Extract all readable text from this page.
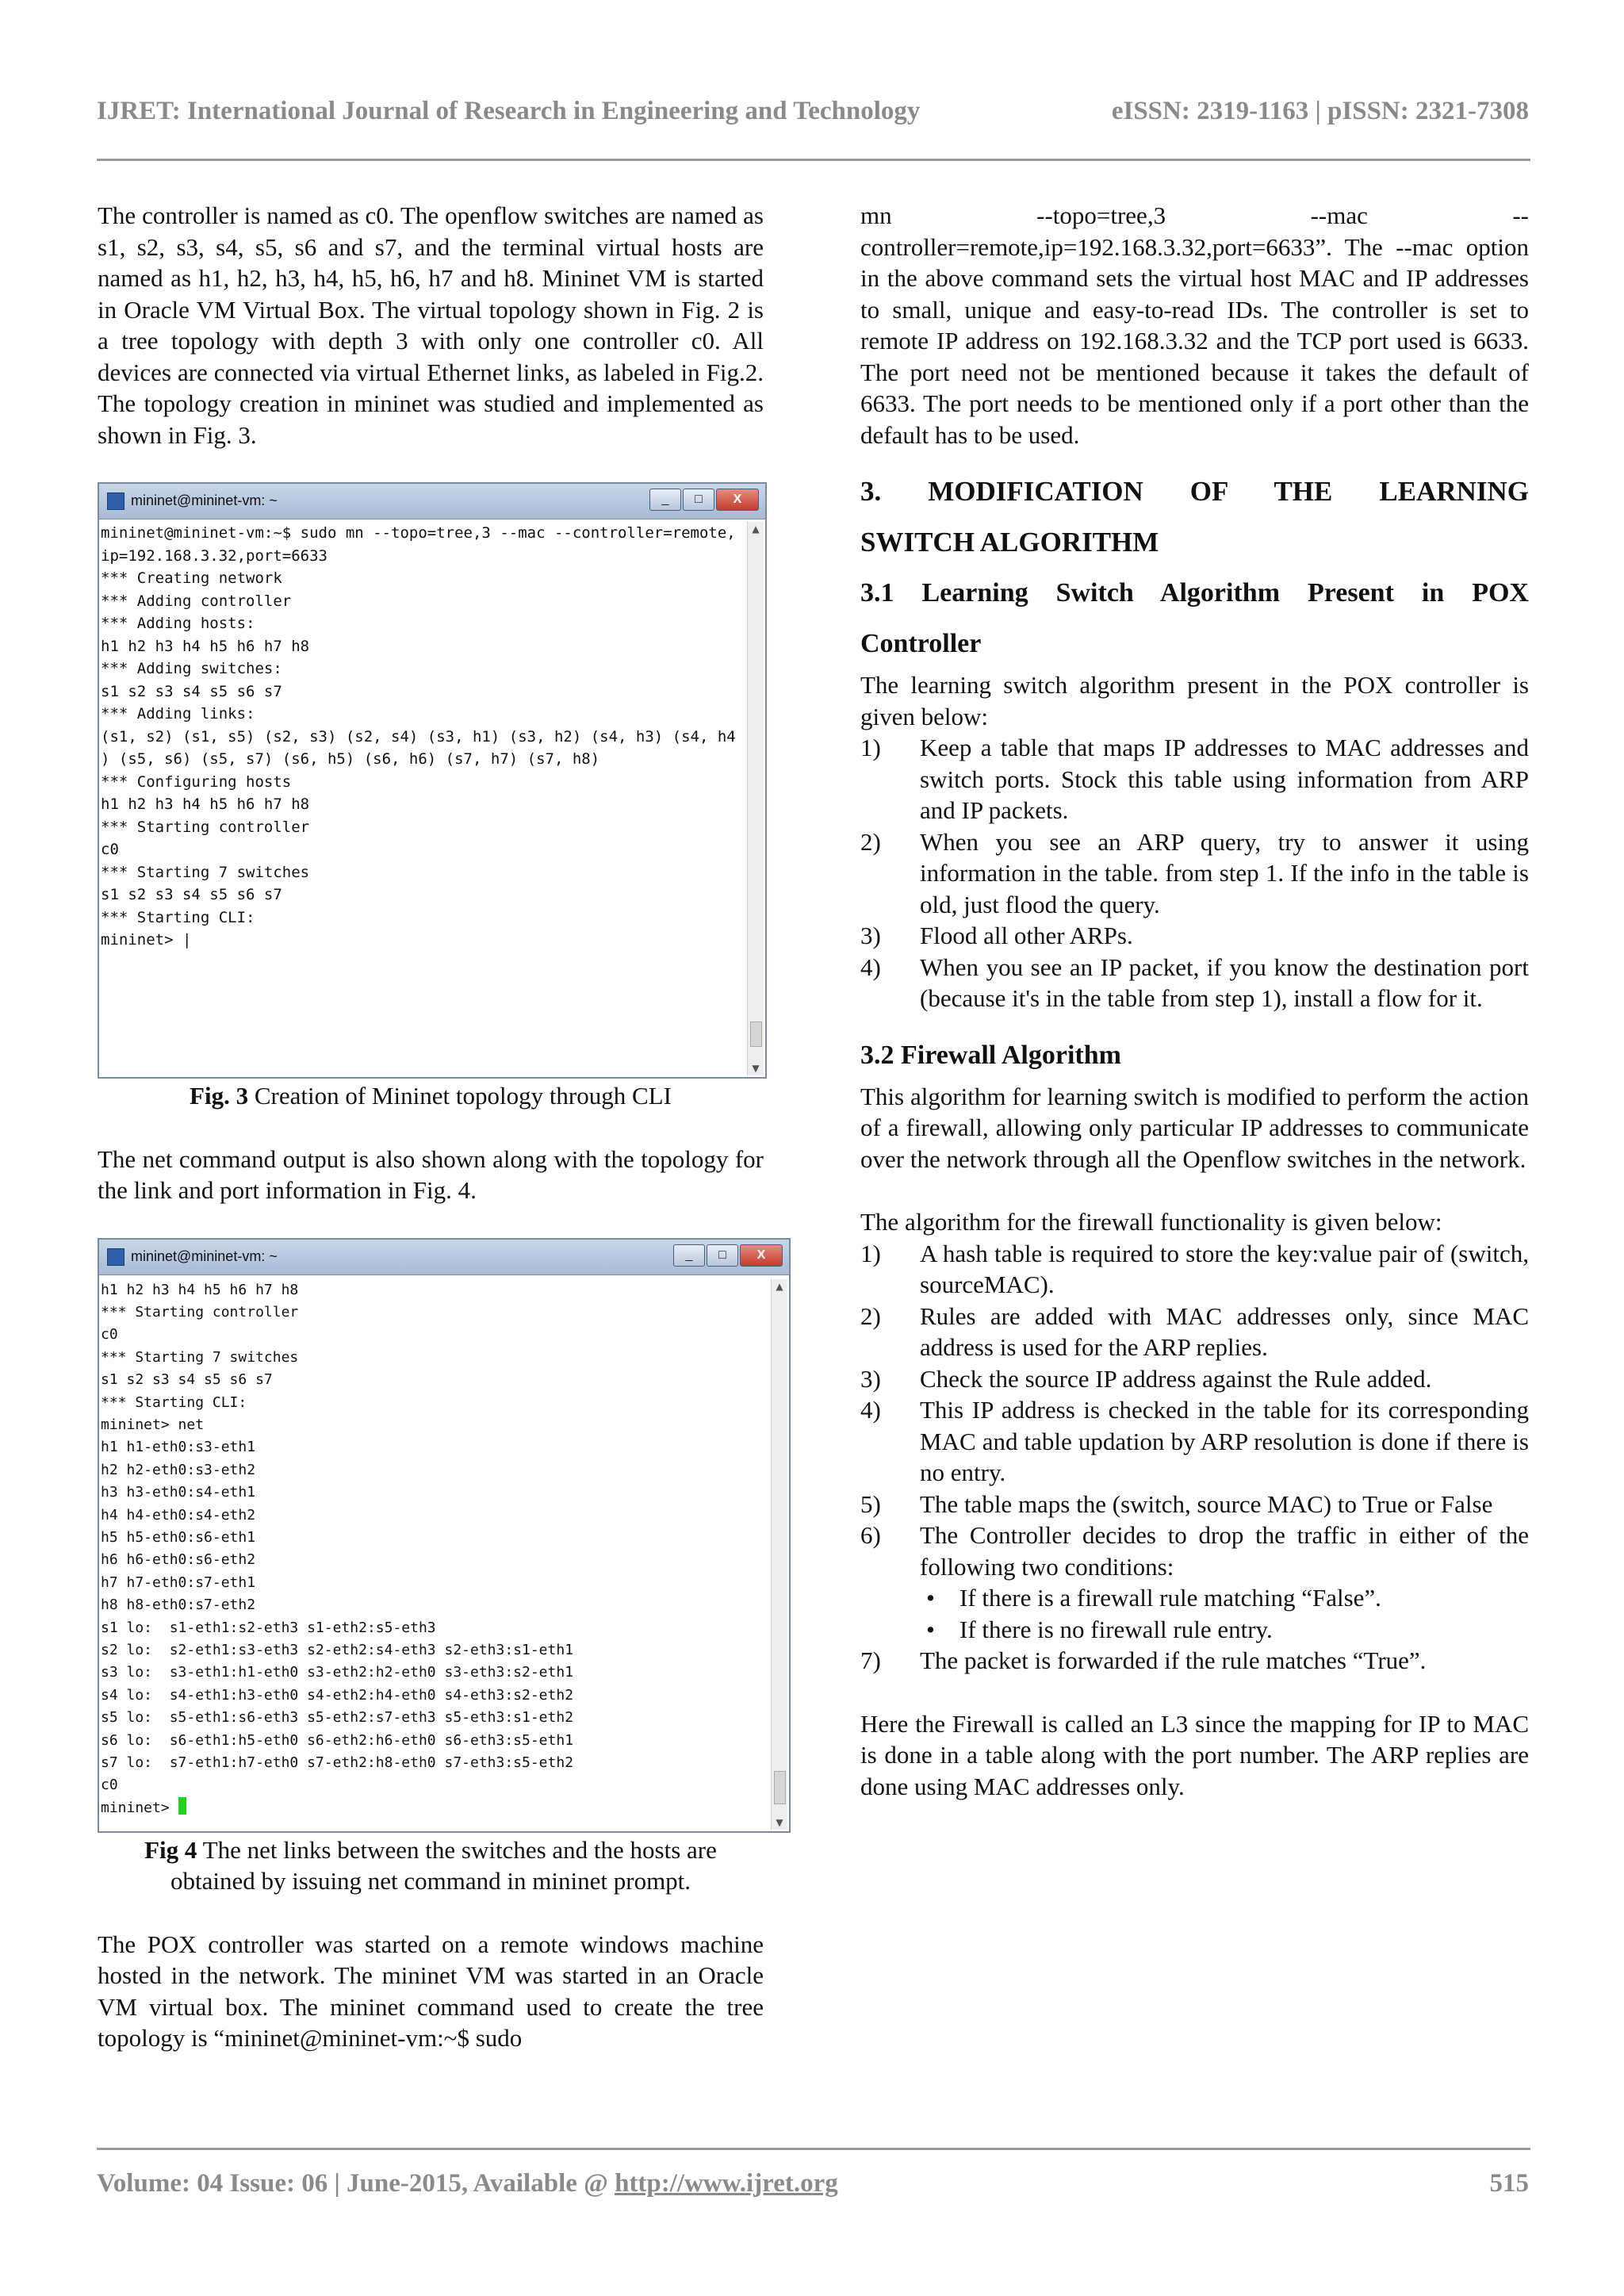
IJRET: International Journal of Research in Engineering and Technology	eISSN: 2319-1163 | pISSN: 2321-7308

The controller is named as c0. The openflow switches are named as s1, s2, s3, s4, s5, s6 and s7, and the terminal virtual hosts are named as h1, h2, h3, h4, h5, h6, h7 and h8. Mininet VM is started in Oracle VM Virtual Box. The virtual topology shown in Fig. 2 is a tree topology with depth 3 with only one controller c0. All devices are connected via virtual Ethernet links, as labeled in Fig.2. The topology creation in mininet was studied and implemented as shown in Fig. 3.

mininet@mininet-vm: ~	_	□	X
mininet@mininet-vm:~$ sudo mn --topo=tree,3 --mac --controller=remote,
ip=192.168.3.32,port=6633
*** Creating network
*** Adding controller
*** Adding hosts:
h1 h2 h3 h4 h5 h6 h7 h8
*** Adding switches:
s1 s2 s3 s4 s5 s6 s7
*** Adding links:
(s1, s2) (s1, s5) (s2, s3) (s2, s4) (s3, h1) (s3, h2) (s4, h3) (s4, h4
) (s5, s6) (s5, s7) (s6, h5) (s6, h6) (s7, h7) (s7, h8)
*** Configuring hosts
h1 h2 h3 h4 h5 h6 h7 h8
*** Starting controller
c0
*** Starting 7 switches
s1 s2 s3 s4 s5 s6 s7
*** Starting CLI:
mininet> |
▲
▼
Fig. 3 Creation of Mininet topology through CLI

The net command output is also shown along with the topology for the link and port information in Fig. 4.

mininet@mininet-vm: ~	_	□	X
h1 h2 h3 h4 h5 h6 h7 h8
*** Starting controller
c0
*** Starting 7 switches
s1 s2 s3 s4 s5 s6 s7
*** Starting CLI:
mininet> net
h1 h1-eth0:s3-eth1
h2 h2-eth0:s3-eth2
h3 h3-eth0:s4-eth1
h4 h4-eth0:s4-eth2
h5 h5-eth0:s6-eth1
h6 h6-eth0:s6-eth2
h7 h7-eth0:s7-eth1
h8 h8-eth0:s7-eth2
s1 lo:  s1-eth1:s2-eth3 s1-eth2:s5-eth3
s2 lo:  s2-eth1:s3-eth3 s2-eth2:s4-eth3 s2-eth3:s1-eth1
s3 lo:  s3-eth1:h1-eth0 s3-eth2:h2-eth0 s3-eth3:s2-eth1
s4 lo:  s4-eth1:h3-eth0 s4-eth2:h4-eth0 s4-eth3:s2-eth2
s5 lo:  s5-eth1:s6-eth3 s5-eth2:s7-eth3 s5-eth3:s1-eth2
s6 lo:  s6-eth1:h5-eth0 s6-eth2:h6-eth0 s6-eth3:s5-eth1
s7 lo:  s7-eth1:h7-eth0 s7-eth2:h8-eth0 s7-eth3:s5-eth2
c0
mininet>
▲
▼
Fig 4 The net links between the switches and the hosts are obtained by issuing net command in mininet prompt.

The POX controller was started on a remote windows machine hosted in the network. The mininet VM was started in an Oracle VM virtual box. The mininet command used to create the tree topology is “mininet@mininet-vm:~$ sudo

mn --topo=tree,3 --mac --controller=remote,ip=192.168.3.32,port=6633”. The --mac option in the above command sets the virtual host MAC and IP addresses to small, unique and easy-to-read IDs. The controller is set to remote IP address on 192.168.3.32 and the TCP port used is 6633. The port need not be mentioned because it takes the default of 6633. The port needs to be mentioned only if a port other than the default has to be used.

3. MODIFICATION OF THE LEARNING
SWITCH ALGORITHM
3.1 Learning Switch Algorithm Present in POX
Controller

The learning switch algorithm present in the POX controller is given below:

1) Keep a table that maps IP addresses to MAC addresses and switch ports. Stock this table using information from ARP and IP packets.
2) When you see an ARP query, try to answer it using information in the table. from step 1. If the info in the table is old, just flood the query.
3) Flood all other ARPs.
4) When you see an IP packet, if you know the destination port (because it's in the table from step 1), install a flow for it.
3.2 Firewall Algorithm

This algorithm for learning switch is modified to perform the action of a firewall, allowing only particular IP addresses to communicate over the network through all the Openflow switches in the network.

The algorithm for the firewall functionality is given below:

1) A hash table is required to store the key:value pair of (switch, sourceMAC).
2) Rules are added with MAC addresses only, since MAC address is used for the ARP replies.
3) Check the source IP address against the Rule added.
4) This IP address is checked in the table for its corresponding MAC and table updation by ARP resolution is done if there is no entry.
5) The table maps the (switch, source MAC) to True or False
6) The Controller decides to drop the traffic in either of the following two conditions:
• If there is a firewall rule matching “False”.
• If there is no firewall rule entry.
7) The packet is forwarded if the rule matches “True”.

Here the Firewall is called an L3 since the mapping for IP to MAC is done in a table along with the port number. The ARP replies are done using MAC addresses only.

Volume: 04 Issue: 06 | June-2015, Available @ http://www.ijret.org	515
